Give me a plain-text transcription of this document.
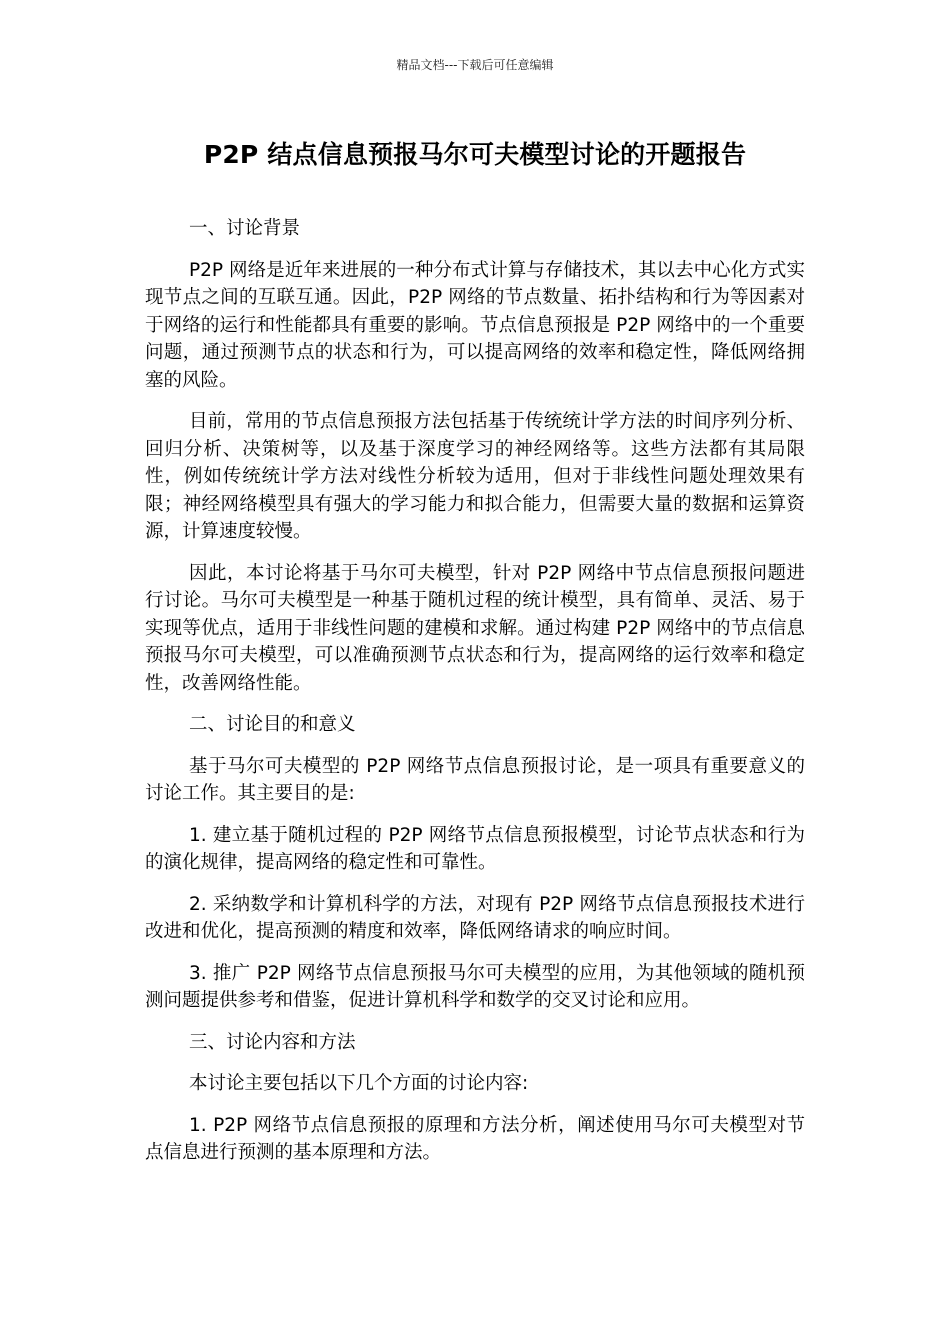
精品文档---下载后可任意编辑
P2P 结点信息预报马尔可夫模型讨论的开题报告

一、讨论背景

P2P 网络是近年来进展的一种分布式计算与存储技术，其以去中心化方式实现节点之间的互联互通。因此，P2P 网络的节点数量、拓扑结构和行为等因素对于网络的运行和性能都具有重要的影响。节点信息预报是 P2P 网络中的一个重要问题，通过预测节点的状态和行为，可以提高网络的效率和稳定性，降低网络拥塞的风险。

目前，常用的节点信息预报方法包括基于传统统计学方法的时间序列分析、回归分析、决策树等，以及基于深度学习的神经网络等。这些方法都有其局限性，例如传统统计学方法对线性分析较为适用，但对于非线性问题处理效果有限；神经网络模型具有强大的学习能力和拟合能力，但需要大量的数据和运算资源，计算速度较慢。

因此，本讨论将基于马尔可夫模型，针对 P2P 网络中节点信息预报问题进行讨论。马尔可夫模型是一种基于随机过程的统计模型，具有简单、灵活、易于实现等优点，适用于非线性问题的建模和求解。通过构建 P2P 网络中的节点信息预报马尔可夫模型，可以准确预测节点状态和行为，提高网络的运行效率和稳定性，改善网络性能。

二、讨论目的和意义

基于马尔可夫模型的 P2P 网络节点信息预报讨论，是一项具有重要意义的讨论工作。其主要目的是:

1. 建立基于随机过程的 P2P 网络节点信息预报模型，讨论节点状态和行为的演化规律，提高网络的稳定性和可靠性。

2. 采纳数学和计算机科学的方法，对现有 P2P 网络节点信息预报技术进行改进和优化，提高预测的精度和效率，降低网络请求的响应时间。

3. 推广 P2P 网络节点信息预报马尔可夫模型的应用，为其他领域的随机预测问题提供参考和借鉴，促进计算机科学和数学的交叉讨论和应用。

三、讨论内容和方法

本讨论主要包括以下几个方面的讨论内容:

1. P2P 网络节点信息预报的原理和方法分析，阐述使用马尔可夫模型对节点信息进行预测的基本原理和方法。
